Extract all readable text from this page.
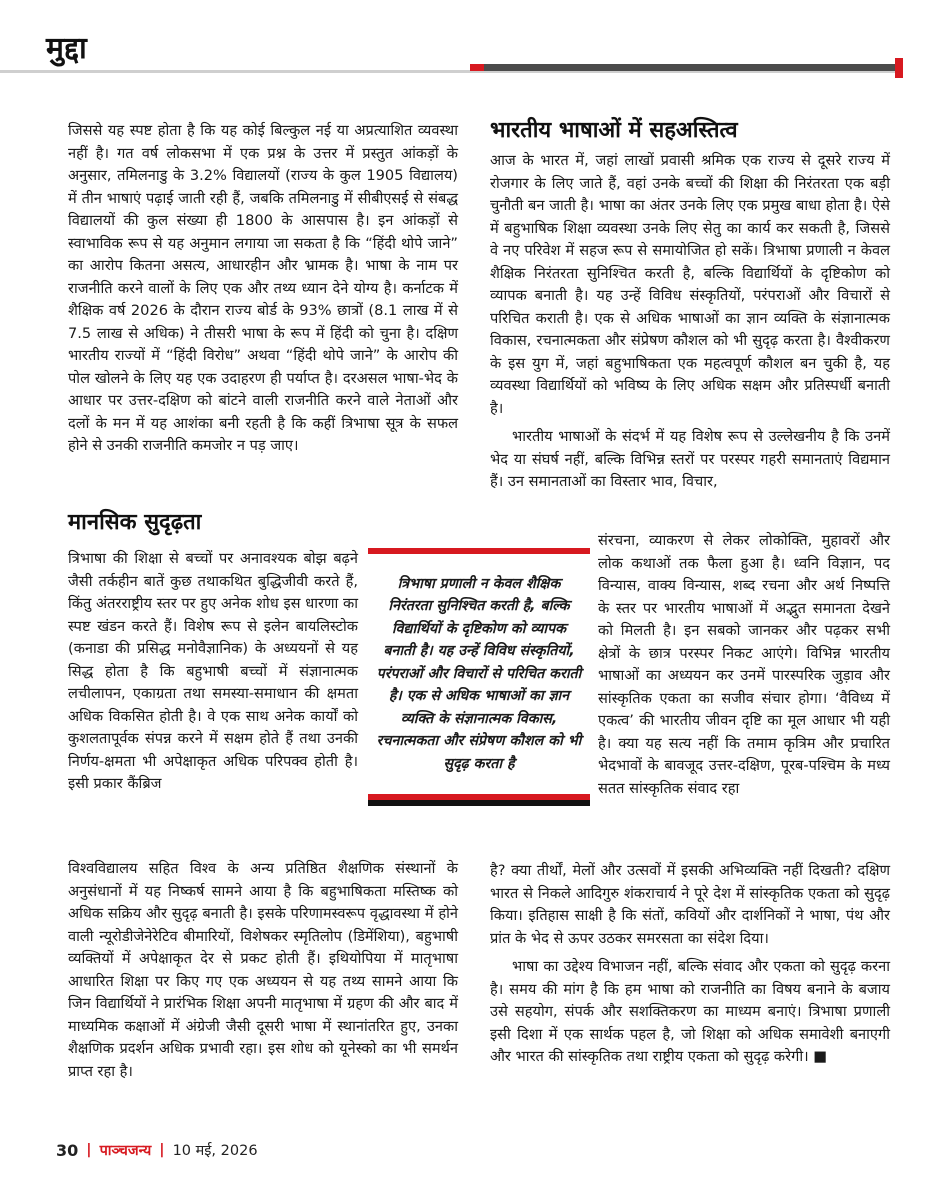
मुद्दा

जिससे यह स्पष्ट होता है कि यह कोई बिल्कुल नई या अप्रत्याशित व्यवस्था नहीं है। गत वर्ष लोकसभा में एक प्रश्न के उत्तर में प्रस्तुत आंकड़ों के अनुसार, तमिलनाडु के 3.2% विद्यालयों (राज्य के कुल 1905 विद्यालय) में तीन भाषाएं पढ़ाई जाती रही हैं, जबकि तमिलनाडु में सीबीएसई से संबद्ध विद्यालयों की कुल संख्या ही 1800 के आसपास है। इन आंकड़ों से स्वाभाविक रूप से यह अनुमान लगाया जा सकता है कि “हिंदी थोपे जाने” का आरोप कितना असत्य, आधारहीन और भ्रामक है। भाषा के नाम पर राजनीति करने वालों के लिए एक और तथ्य ध्यान देने योग्य है। कर्नाटक में शैक्षिक वर्ष 2026 के दौरान राज्य बोर्ड के 93% छात्रों (8.1 लाख में से 7.5 लाख से अधिक) ने तीसरी भाषा के रूप में हिंदी को चुना है। दक्षिण भारतीय राज्यों में “हिंदी विरोध” अथवा “हिंदी थोपे जाने” के आरोप की पोल खोलने के लिए यह एक उदाहरण ही पर्याप्त है। दरअसल भाषा-भेद के आधार पर उत्तर-दक्षिण को बांटने वाली राजनीति करने वाले नेताओं और दलों के मन में यह आशंका बनी रहती है कि कहीं त्रिभाषा सूत्र के सफल होने से उनकी राजनीति कमजोर न पड़ जाए।

मानसिक सुदृढ़ता

त्रिभाषा की शिक्षा से बच्चों पर अनावश्यक बोझ बढ़ने जैसी तर्कहीन बातें कुछ तथाकथित बुद्धिजीवी करते हैं, किंतु अंतरराष्ट्रीय स्तर पर हुए अनेक शोध इस धारणा का स्पष्ट खंडन करते हैं। विशेष रूप से इलेन बायलिस्टोक (कनाडा की प्रसिद्ध मनोवैज्ञानिक) के अध्ययनों से यह सिद्ध होता है कि बहुभाषी बच्चों में संज्ञानात्मक लचीलापन, एकाग्रता तथा समस्या-समाधान की क्षमता अधिक विकसित होती है। वे एक साथ अनेक कार्यों को कुशलतापूर्वक संपन्न करने में सक्षम होते हैं तथा उनकी निर्णय-क्षमता भी अपेक्षाकृत अधिक परिपक्व होती है। इसी प्रकार कैंब्रिज

त्रिभाषा प्रणाली न केवल शैक्षिक निरंतरता सुनिश्चित करती है, बल्कि विद्यार्थियों के दृष्टिकोण को व्यापक बनाती है। यह उन्हें विविध संस्कृतियों, परंपराओं और विचारों से परिचित कराती है। एक से अधिक भाषाओं का ज्ञान व्यक्ति के संज्ञानात्मक विकास, रचनात्मकता और संप्रेषण कौशल को भी सुदृढ़ करता है

विश्वविद्यालय सहित विश्व के अन्य प्रतिष्ठित शैक्षणिक संस्थानों के अनुसंधानों में यह निष्कर्ष सामने आया है कि बहुभाषिकता मस्तिष्क को अधिक सक्रिय और सुदृढ़ बनाती है। इसके परिणामस्वरूप वृद्धावस्था में होने वाली न्यूरोडीजेनेरेटिव बीमारियों, विशेषकर स्मृतिलोप (डिमेंशिया), बहुभाषी व्यक्तियों में अपेक्षाकृत देर से प्रकट होती हैं। इथियोपिया में मातृभाषा आधारित शिक्षा पर किए गए एक अध्ययन से यह तथ्य सामने आया कि जिन विद्यार्थियों ने प्रारंभिक शिक्षा अपनी मातृभाषा में ग्रहण की और बाद में माध्यमिक कक्षाओं में अंग्रेजी जैसी दूसरी भाषा में स्थानांतरित हुए, उनका शैक्षणिक प्रदर्शन अधिक प्रभावी रहा। इस शोध को यूनेस्को का भी समर्थन प्राप्त रहा है।

भारतीय भाषाओं में सहअस्तित्व

आज के भारत में, जहां लाखों प्रवासी श्रमिक एक राज्य से दूसरे राज्य में रोजगार के लिए जाते हैं, वहां उनके बच्चों की शिक्षा की निरंतरता एक बड़ी चुनौती बन जाती है। भाषा का अंतर उनके लिए एक प्रमुख बाधा होता है। ऐसे में बहुभाषिक शिक्षा व्यवस्था उनके लिए सेतु का कार्य कर सकती है, जिससे वे नए परिवेश में सहज रूप से समायोजित हो सकें। त्रिभाषा प्रणाली न केवल शैक्षिक निरंतरता सुनिश्चित करती है, बल्कि विद्यार्थियों के दृष्टिकोण को व्यापक बनाती है। यह उन्हें विविध संस्कृतियों, परंपराओं और विचारों से परिचित कराती है। एक से अधिक भाषाओं का ज्ञान व्यक्ति के संज्ञानात्मक विकास, रचनात्मकता और संप्रेषण कौशल को भी सुदृढ़ करता है। वैश्वीकरण के इस युग में, जहां बहुभाषिकता एक महत्वपूर्ण कौशल बन चुकी है, यह व्यवस्था विद्यार्थियों को भविष्य के लिए अधिक सक्षम और प्रतिस्पर्धी बनाती है।

भारतीय भाषाओं के संदर्भ में यह विशेष रूप से उल्लेखनीय है कि उनमें भेद या संघर्ष नहीं, बल्कि विभिन्न स्तरों पर परस्पर गहरी समानताएं विद्यमान हैं। उन समानताओं का विस्तार भाव, विचार,

संरचना, व्याकरण से लेकर लोकोक्ति, मुहावरों और लोक कथाओं तक फैला हुआ है। ध्वनि विज्ञान, पद विन्यास, वाक्य विन्यास, शब्द रचना और अर्थ निष्पत्ति के स्तर पर भारतीय भाषाओं में अद्भुत समानता देखने को मिलती है। इन सबको जानकर और पढ़कर सभी क्षेत्रों के छात्र परस्पर निकट आएंगे। विभिन्न भारतीय भाषाओं का अध्ययन कर उनमें पारस्परिक जुड़ाव और सांस्कृतिक एकता का सजीव संचार होगा। ‘वैविध्य में एकत्व’ की भारतीय जीवन दृष्टि का मूल आधार भी यही है। क्या यह सत्य नहीं कि तमाम कृत्रिम और प्रचारित भेदभावों के बावजूद उत्तर-दक्षिण, पूरब-पश्चिम के मध्य सतत सांस्कृतिक संवाद रहा

है? क्या तीर्थों, मेलों और उत्सवों में इसकी अभिव्यक्ति नहीं दिखती? दक्षिण भारत से निकले आदिगुरु शंकराचार्य ने पूरे देश में सांस्कृतिक एकता को सुदृढ़ किया। इतिहास साक्षी है कि संतों, कवियों और दार्शनिकों ने भाषा, पंथ और प्रांत के भेद से ऊपर उठकर समरसता का संदेश दिया।

भाषा का उद्देश्य विभाजन नहीं, बल्कि संवाद और एकता को सुदृढ़ करना है। समय की मांग है कि हम भाषा को राजनीति का विषय बनाने के बजाय उसे सहयोग, संपर्क और सशक्तिकरण का माध्यम बनाएं। त्रिभाषा प्रणाली इसी दिशा में एक सार्थक पहल है, जो शिक्षा को अधिक समावेशी बनाएगी और भारत की सांस्कृतिक तथा राष्ट्रीय एकता को सुदृढ़ करेगी। ■

30 | पाञ्चजन्य | 10 मई, 2026
